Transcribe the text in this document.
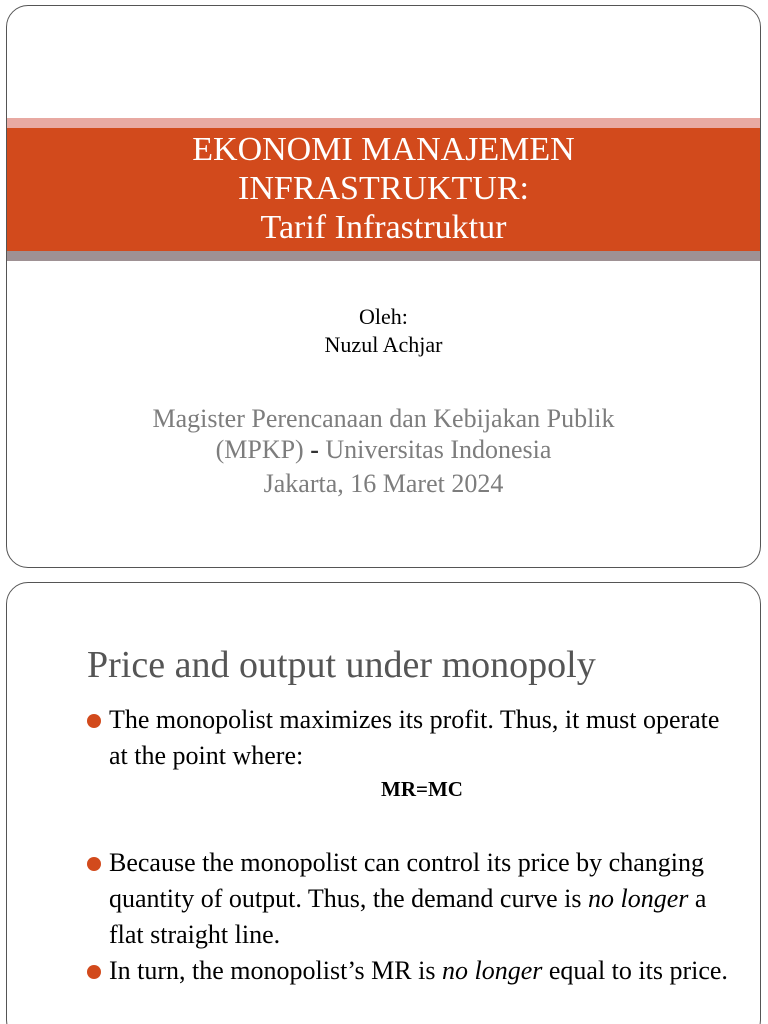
EKONOMI MANAJEMEN
INFRASTRUKTUR:
Tarif Infrastruktur
Oleh:
Nuzul Achjar
Magister Perencanaan dan Kebijakan Publik
(MPKP) - Universitas Indonesia
Jakarta, 16 Maret 2024
Price and output under monopoly
The monopolist maximizes its profit. Thus, it must operate at the point where:
MR=MC
Because the monopolist can control its price by changing quantity of output. Thus, the demand curve is no longer a flat straight line.
In turn, the monopolist’s MR is no longer equal to its price.
